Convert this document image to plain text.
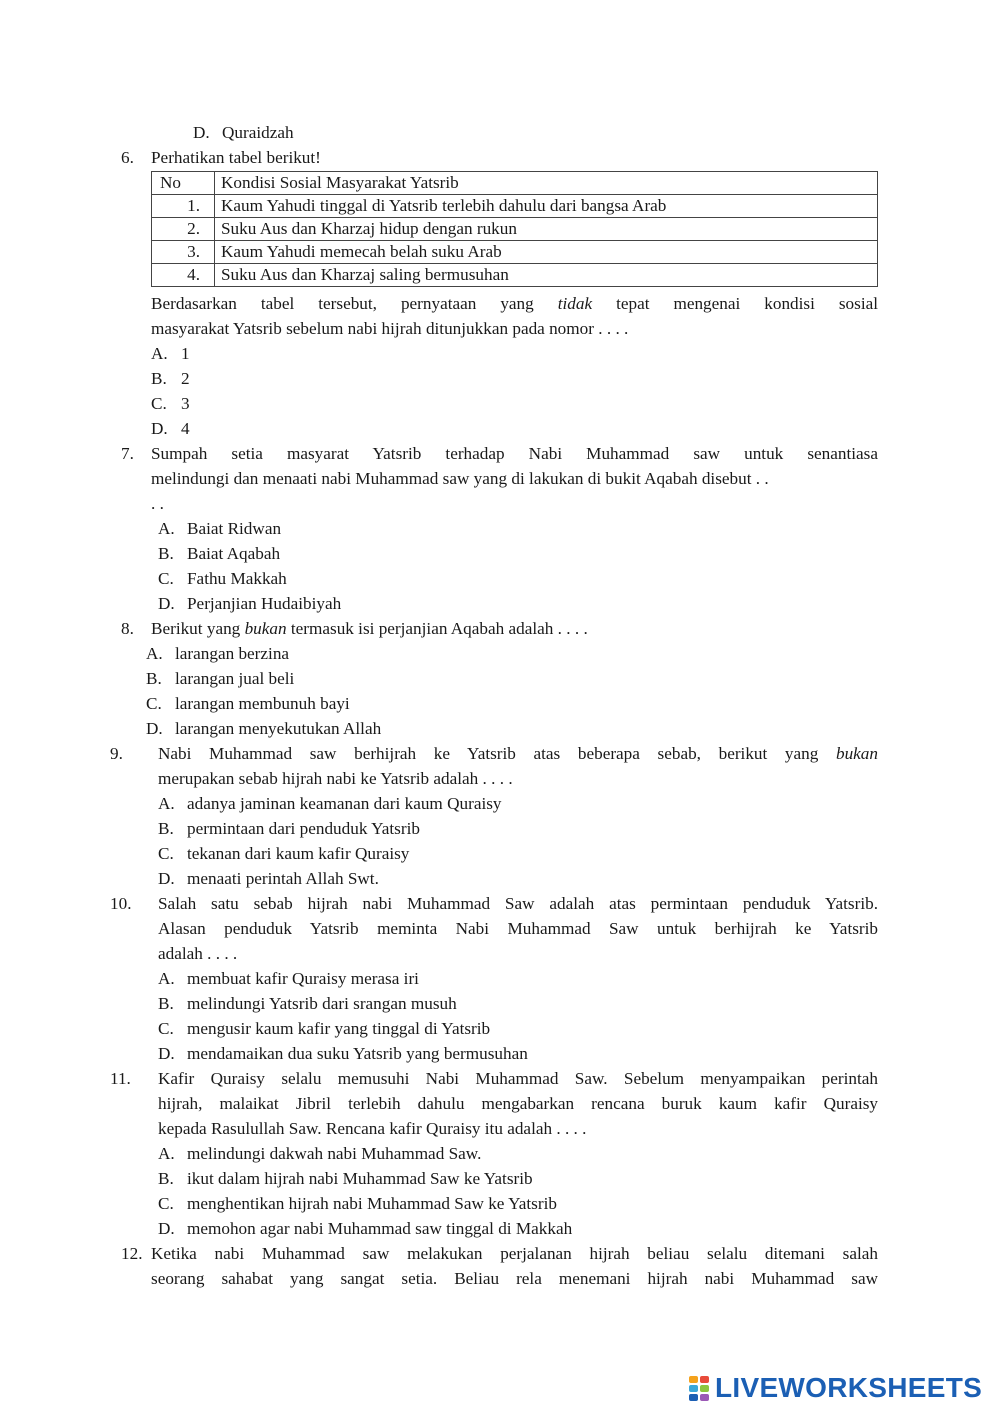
D. Quraidzah
6. Perhatikan tabel berikut!
No	Kondisi Sosial Masyarakat Yatsrib
1.	Kaum Yahudi tinggal di Yatsrib terlebih dahulu dari bangsa Arab
2.	Suku Aus dan Kharzaj hidup dengan rukun
3.	Kaum Yahudi memecah belah suku Arab
4.	Suku Aus dan Kharzaj saling bermusuhan
Berdasarkan tabel tersebut, pernyataan yang tidak tepat mengenai kondisi sosial
masyarakat Yatsrib sebelum nabi hijrah ditunjukkan pada nomor . . . .
A. 1
B. 2
C. 3
D. 4
7. Sumpah setia masyarat Yatsrib terhadap Nabi Muhammad saw untuk senantiasa
melindungi dan menaati nabi Muhammad saw yang di lakukan di bukit Aqabah disebut . .
. .
A. Baiat Ridwan
B. Baiat Aqabah
C. Fathu Makkah
D. Perjanjian Hudaibiyah
8. Berikut yang bukan termasuk isi perjanjian Aqabah adalah . . . .
A. larangan berzina
B. larangan jual beli
C. larangan membunuh bayi
D. larangan menyekutukan Allah
9. Nabi Muhammad saw berhijrah ke Yatsrib atas beberapa sebab, berikut yang bukan
merupakan sebab hijrah nabi ke Yatsrib adalah . . . .
A. adanya jaminan keamanan dari kaum Quraisy
B. permintaan dari penduduk Yatsrib
C. tekanan dari kaum kafir Quraisy
D. menaati perintah Allah Swt.
10. Salah satu sebab hijrah nabi Muhammad Saw adalah atas permintaan penduduk Yatsrib.
Alasan penduduk Yatsrib meminta Nabi Muhammad Saw untuk berhijrah ke Yatsrib
adalah . . . .
A. membuat kafir Quraisy merasa iri
B. melindungi Yatsrib dari srangan musuh
C. mengusir kaum kafir yang tinggal di Yatsrib
D. mendamaikan dua suku Yatsrib yang bermusuhan
11. Kafir Quraisy selalu memusuhi Nabi Muhammad Saw. Sebelum menyampaikan perintah
hijrah, malaikat Jibril terlebih dahulu mengabarkan rencana buruk kaum kafir Quraisy
kepada Rasulullah Saw. Rencana kafir Quraisy itu adalah . . . .
A. melindungi dakwah nabi Muhammad Saw.
B. ikut dalam hijrah nabi Muhammad Saw ke Yatsrib
C. menghentikan hijrah nabi Muhammad Saw ke Yatsrib
D. memohon agar nabi Muhammad saw tinggal di Makkah
12. Ketika nabi Muhammad saw melakukan perjalanan hijrah beliau selalu ditemani salah
seorang sahabat yang sangat setia. Beliau rela menemani hijrah nabi Muhammad saw
LIVEWORKSHEETS
